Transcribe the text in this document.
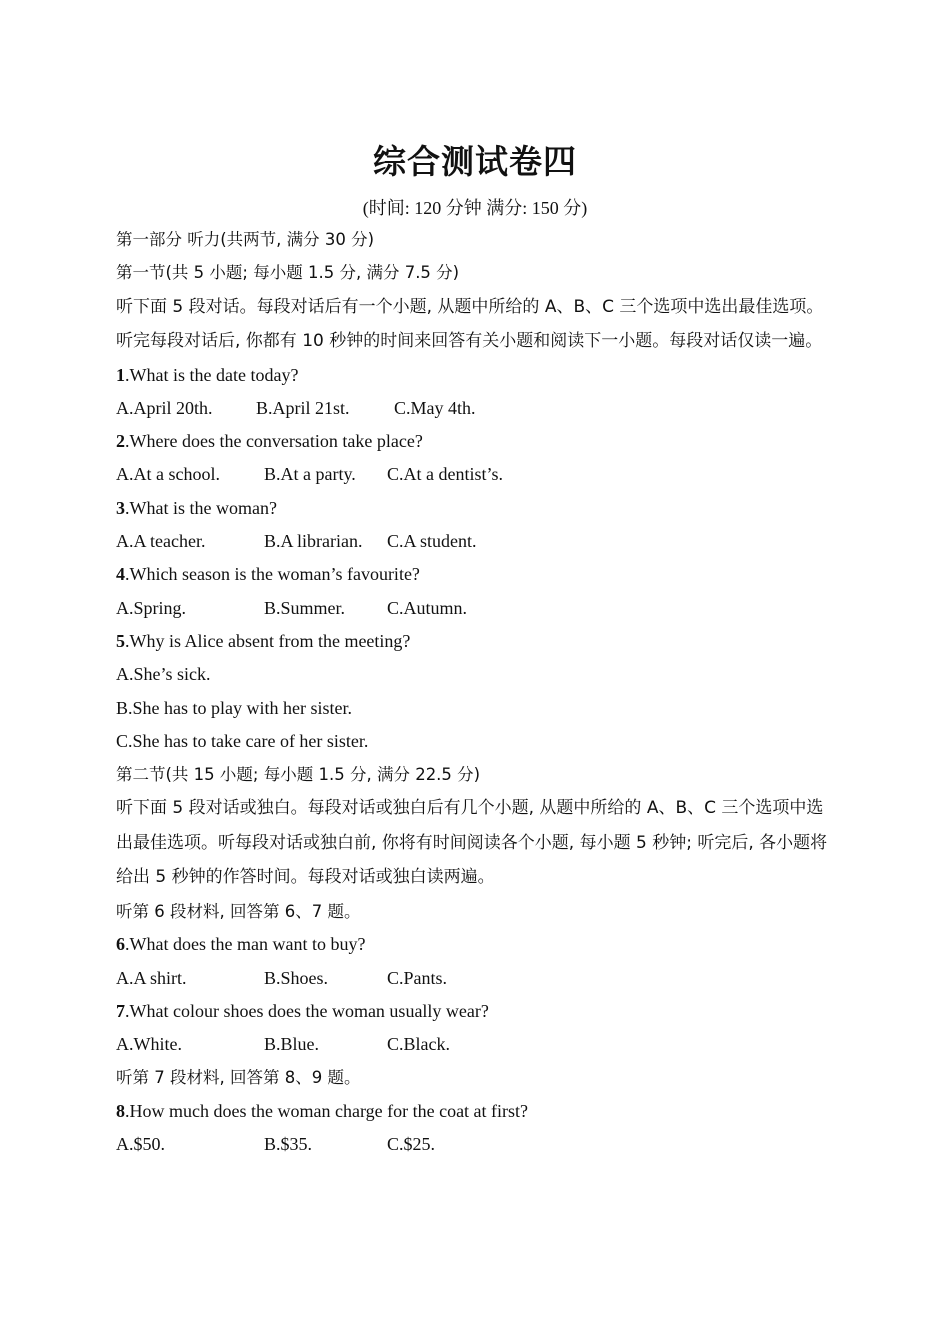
综合测试卷四
(时间: 120 分钟 满分: 150 分)
第一部分 听力(共两节, 满分 30 分)
第一节(共 5 小题; 每小题 1.5 分, 满分 7.5 分)
听下面 5 段对话。每段对话后有一个小题, 从题中所给的 A、B、C 三个选项中选出最佳选项。听完每段对话后, 你都有 10 秒钟的时间来回答有关小题和阅读下一小题。每段对话仅读一遍。
1.What is the date today?
A.April 20th. B.April 21st. C.May 4th.
2.Where does the conversation take place?
A.At a school. B.At a party. C.At a dentist’s.
3.What is the woman?
A.A teacher.	B.A librarian. C.A student.
4.Which season is the woman’s favourite?
A.Spring.	B.Summer. C.Autumn.
5.Why is Alice absent from the meeting?
A.She’s sick.
B.She has to play with her sister.
C.She has to take care of her sister.
第二节(共 15 小题; 每小题 1.5 分, 满分 22.5 分)
听下面 5 段对话或独白。每段对话或独白后有几个小题, 从题中所给的 A、B、C 三个选项中选出最佳选项。听每段对话或独白前, 你将有时间阅读各个小题, 每小题 5 秒钟; 听完后, 各小题将给出 5 秒钟的作答时间。每段对话或独白读两遍。
听第 6 段材料, 回答第 6、7 题。
6.What does the man want to buy?
A.A shirt.	B.Shoes.	C.Pants.
7.What colour shoes does the woman usually wear?
A.White.	B.Blue.	C.Black.
听第 7 段材料, 回答第 8、9 题。
8.How much does the woman charge for the coat at first?
A.$50.	B.$35.	C.$25.
